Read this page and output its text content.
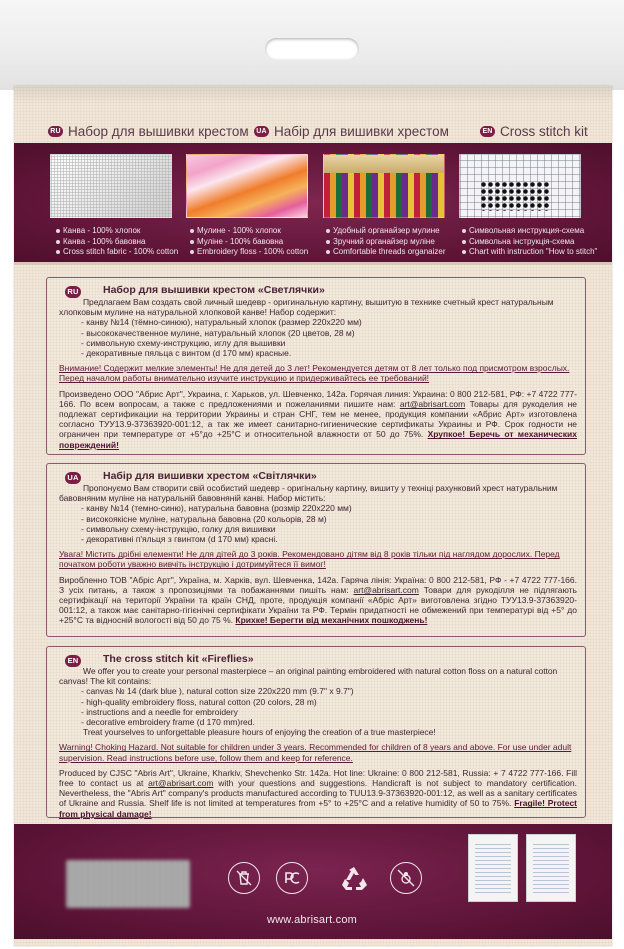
RU Набор для вышивки крестом	UA Набір для вишивки хрестом	EN Cross stitch kit
Канва - 100% хлопок
Канва - 100% бавовна
Cross stitch fabric - 100% cotton
Мулине - 100% хлопок
Муліне - 100% бавовна
Embroidery floss - 100% cotton
Удобный органайзер мулине
Зручний органайзер муліне
Comfortable threads organaizer
Символьная инструкция-схема
Символьна інструкція-схема
Chart with instruction "How to stitch"
RU Набор для вышивки крестом «Светлячки»
Предлагаем Вам создать свой личный шедевр - оригинальную картину, вышитую в технике счетный крест натуральным хлопковым мулине на натуральной хлопковой канве! Набор содержит:
- канву №14 (тёмно-синюю), натуральный хлопок (размер 220х220 мм)
- высококачественное мулине, натуральный хлопок (20 цветов, 28 м)
- символьную схему-инструкцию, иглу для вышивки
- декоративные пяльца с винтом (d 170 мм) красные.
Внимание! Содержит мелкие элементы! Не для детей до 3 лет! Рекомендуется детям от 8 лет только под присмотром взрослых. Перед началом работы внимательно изучите инструкцию и придерживайтесь ее требований!
Произведено ООО "Абрис Арт", Украина, г. Харьков, ул. Шевченко, 142а. Горячая линия: Украина: 0 800 212-581, РФ: +7 4722 777-166. По всем вопросам, а также с предложениями и пожеланиями пишите нам: art@abrisart.com Товары для рукоделия не подлежат сертификации на территории Украины и стран СНГ, тем не менее, продукция компании «Абрис Арт» изготовлена согласно ТУУ13.9-37363920-001:12, а так же имеет санитарно-гигиенические сертификаты Украины и РФ. Срок годности не ограничен при температуре от +5°до +25°С и относительной влажности от 50 до 75%. Хрупкое! Беречь от механических повреждений!
UA Набір для вишивки хрестом «Світлячки»
Пропонуємо Вам створити свій особистий шедевр - оригінальну картину, вишиту у техніці рахунковий хрест натуральним бавовняним муліне на натуральній бавовняній канві. Набор містить:
- канву №14 (темно-синю), натуральна бавовна (розмір 220х220 мм)
- високоякісне муліне, натуральна бавовна (20 кольорів, 28 м)
- символьну схему-інструкцію, голку для вишивки
- декоративні п'яльця з гвинтом (d 170 мм) красні.
Увага! Містить дрібні елементи! Не для дітей до 3 років. Рекомендовано дітям від 8 років тільки під наглядом дорослих. Перед початком роботи уважно вивчіть інструкцію і дотримуйтеся її вимог!
Виробленно ТОВ "Абріс Арт", Україна, м. Харків, вул. Шевченка, 142а. Гаряча лінія: Україна: 0 800 212-581, РФ - +7 4722 777-166. З усіх питань, а також з пропозиціями та побажаннями пишіть нам: art@abrisart.com Товари для рукоділля не підлягають сертифікації на території України та країн СНД, проте, продукція компанії «Абріс Арт» виготовлена згідно ТУУ13.9-37363920-001:12, а також має санітарно-гігієнічні сертифікати України та РФ. Термін придатності не обмежений при температурі від +5° до +25°С та відносній вологості від 50 до 75 %. Крихке! Берегти від механічних пошкоджень!
EN The cross stitch kit «Fireflies»
We offer you to create your personal masterpiece – an original painting embroidered with natural cotton floss on a natural cotton canvas! The kit contains:
- canvas № 14 (dark blue ), natural cotton size 220x220 mm (9.7" x 9.7")
- high-quality embroidery floss, natural cotton (20 colors, 28 m)
- instructions and a needle for embroidery
- decorative embroidery frame (d 170 mm)red.
Treat yourselves to unforgettable pleasure hours of enjoying the creation of a true masterpiece!
Warning! Choking Hazard. Not suitable for children under 3 years. Recommended for children of 8 years and above. For use under adult supervision. Read instructions before use, follow them and keep for reference.
Produced by CJSC "Abris Art", Ukraine, Kharkiv, Shevchenko Str. 142a. Hot line: Ukraine: 0 800 212-581, Russia: + 7 4722 777-166. Fill free to contact us at art@abrisart.com with your questions and suggestions. Handicraft is not subject to mandatory certification. Nevertheless, the "Abris Art" company's products manufactured according to TUU13.9-37363920-001:12, as well as a sanitary certificates of Ukraine and Russia. Shelf life is not limited at temperatures from +5° to +25°C and a relative humidity of 50 to 75%. Fragile! Protect from physical damage!
www.abrisart.com
